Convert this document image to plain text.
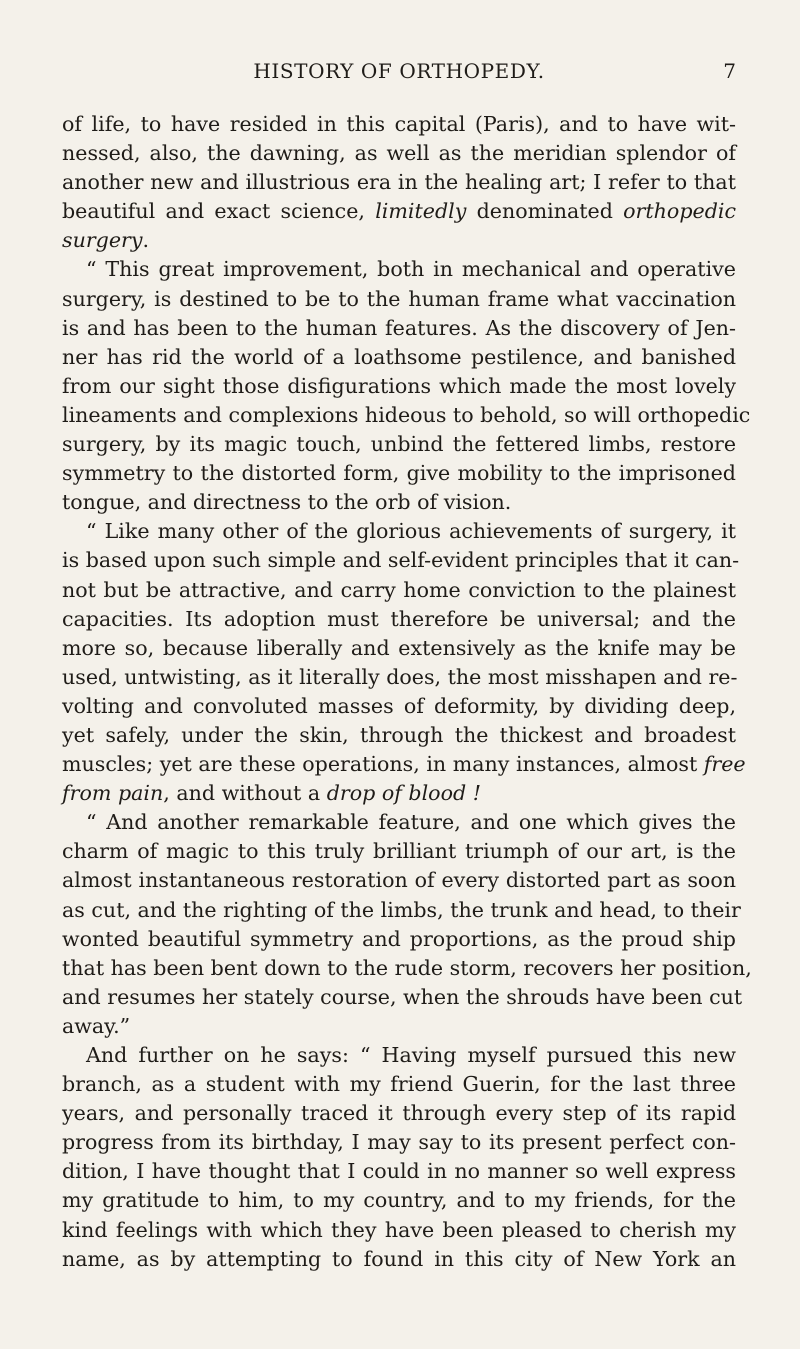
HISTORY OF ORTHOPEDY.	7
of life, to have resided in this capital (Paris), and to have wit-
nessed, also, the dawning, as well as the meridian splendor of
another new and illustrious era in the healing art; I refer to that
beautiful and exact science, limitedly denominated orthopedic
surgery.
“ This great improvement, both in mechanical and operative
surgery, is destined to be to the human frame what vaccination
is and has been to the human features. As the discovery of Jen-
ner has rid the world of a loathsome pestilence, and banished
from our sight those disfigurations which made the most lovely
lineaments and complexions hideous to behold, so will orthopedic
surgery, by its magic touch, unbind the fettered limbs, restore
symmetry to the distorted form, give mobility to the imprisoned
tongue, and directness to the orb of vision.
“ Like many other of the glorious achievements of surgery, it
is based upon such simple and self-evident principles that it can-
not but be attractive, and carry home conviction to the plainest
capacities. Its adoption must therefore be universal; and the
more so, because liberally and extensively as the knife may be
used, untwisting, as it literally does, the most misshapen and re-
volting and convoluted masses of deformity, by dividing deep,
yet safely, under the skin, through the thickest and broadest
muscles; yet are these operations, in many instances, almost free
from pain, and without a drop of blood !
“ And another remarkable feature, and one which gives the
charm of magic to this truly brilliant triumph of our art, is the
almost instantaneous restoration of every distorted part as soon
as cut, and the righting of the limbs, the trunk and head, to their
wonted beautiful symmetry and proportions, as the proud ship
that has been bent down to the rude storm, recovers her position,
and resumes her stately course, when the shrouds have been cut
away.”
And further on he says: “ Having myself pursued this new
branch, as a student with my friend Guerin, for the last three
years, and personally traced it through every step of its rapid
progress from its birthday, I may say to its present perfect con-
dition, I have thought that I could in no manner so well express
my gratitude to him, to my country, and to my friends, for the
kind feelings with which they have been pleased to cherish my
name, as by attempting to found in this city of New York an
